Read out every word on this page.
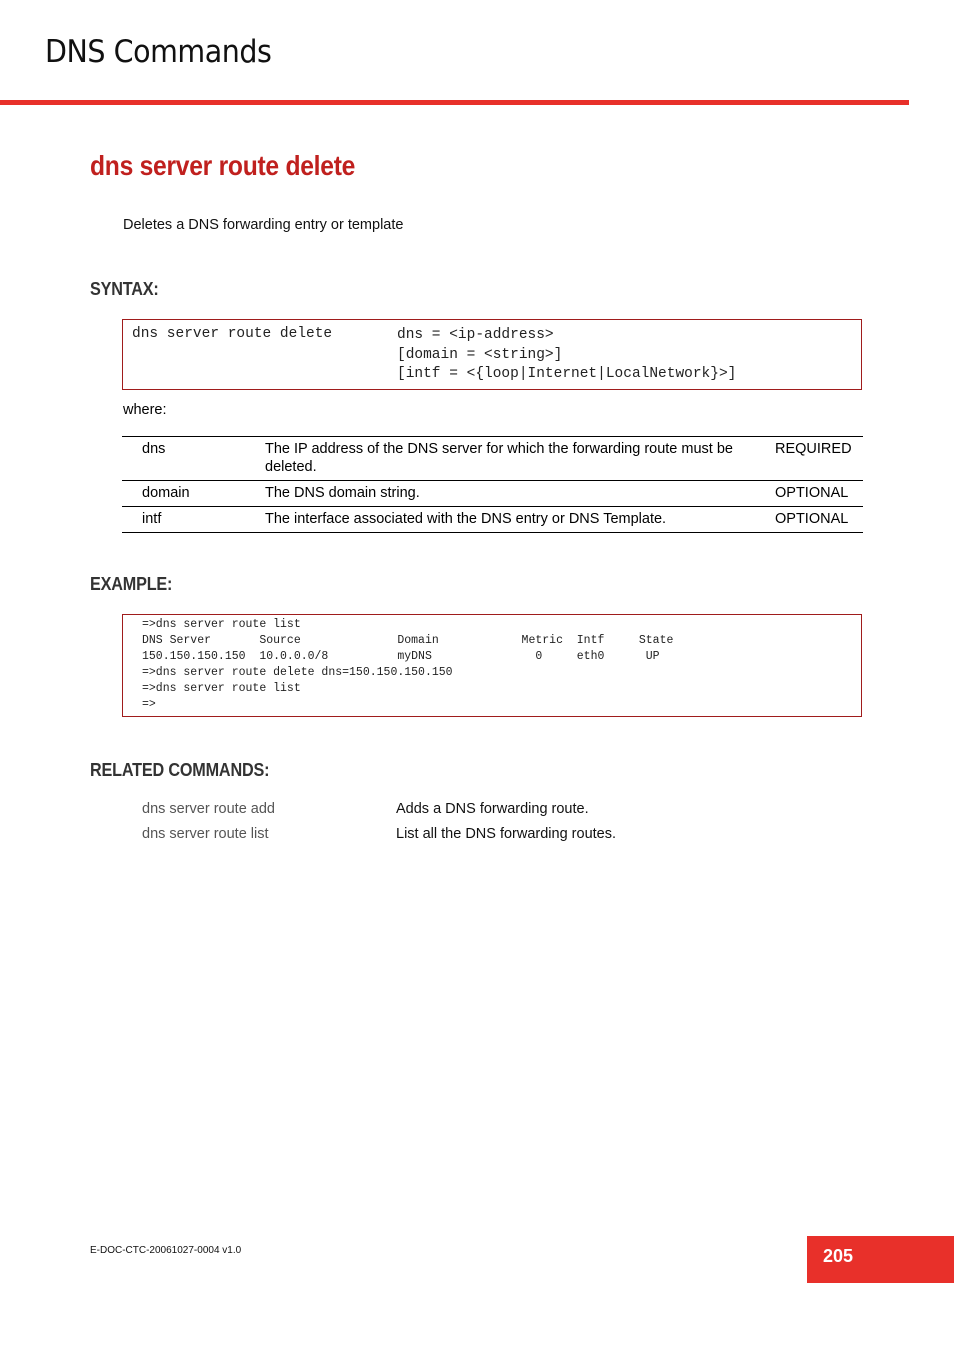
DNS Commands
dns server route delete
Deletes a DNS forwarding entry or template
SYNTAX:
dns server route delete	dns = <ip-address>
[domain = <string>]
[intf = <{loop|Internet|LocalNetwork}>]
where:
dns	The IP address of the DNS server for which the forwarding route must be deleted.	REQUIRED
domain	The DNS domain string.	OPTIONAL
intf	The interface associated with the DNS entry or DNS Template.	OPTIONAL
EXAMPLE:
=>dns server route list
DNS Server       Source              Domain            Metric  Intf     State
150.150.150.150  10.0.0.0/8          myDNS               0     eth0      UP
=>dns server route delete dns=150.150.150.150
=>dns server route list
=>
RELATED COMMANDS:
dns server route add	Adds a DNS forwarding route.
dns server route list	List all the DNS forwarding routes.
E-DOC-CTC-20061027-0004 v1.0	205
